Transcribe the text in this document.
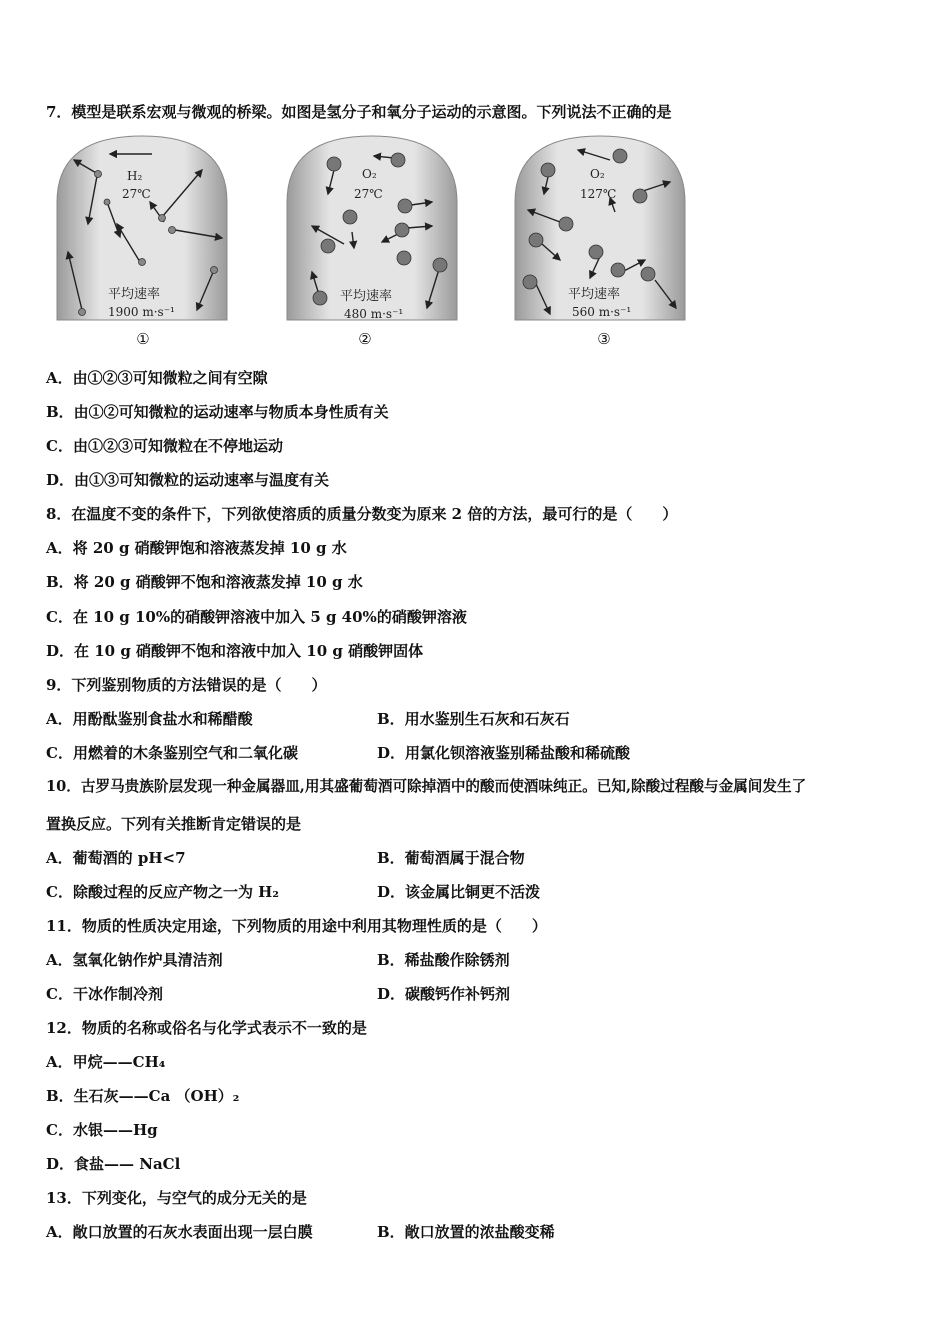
7．模型是联系宏观与微观的桥梁。如图是氢分子和氧分子运动的示意图。下列说法不正确的是
H₂
27℃
平均速率
1900 m·s⁻¹
①
O₂
27℃
平均速率
480 m·s⁻¹
②
O₂
127℃
平均速率
560 m·s⁻¹
③
A．由①②③可知微粒之间有空隙
B．由①②可知微粒的运动速率与物质本身性质有关
C．由①②③可知微粒在不停地运动
D．由①③可知微粒的运动速率与温度有关
8．在温度不变的条件下，下列欲使溶质的质量分数变为原来 2 倍的方法，最可行的是（　　）
A．将 20 g 硝酸钾饱和溶液蒸发掉 10 g 水
B．将 20 g 硝酸钾不饱和溶液蒸发掉 10 g 水
C．在 10 g 10%的硝酸钾溶液中加入 5 g 40%的硝酸钾溶液
D．在 10 g 硝酸钾不饱和溶液中加入 10 g 硝酸钾固体
9．下列鉴别物质的方法错误的是（　　）
A．用酚酞鉴别食盐水和稀醋酸	B．用水鉴别生石灰和石灰石
C．用燃着的木条鉴别空气和二氧化碳	D．用氯化钡溶液鉴别稀盐酸和稀硫酸
10．古罗马贵族阶层发现一种金属器皿,用其盛葡萄酒可除掉酒中的酸而使酒味纯正。已知,除酸过程酸与金属间发生了
置换反应。下列有关推断肯定错误的是
A．葡萄酒的 pH<7	B．葡萄酒属于混合物
C．除酸过程的反应产物之一为 H₂	D．该金属比铜更不活泼
11．物质的性质决定用途，下列物质的用途中利用其物理性质的是（　　）
A．氢氧化钠作炉具清洁剂	B．稀盐酸作除锈剂
C．干冰作制冷剂	D．碳酸钙作补钙剂
12．物质的名称或俗名与化学式表示不一致的是
A．甲烷——CH₄
B．生石灰——Ca （OH）₂
C．水银——Hg
D．食盐—— NaCl
13．下列变化，与空气的成分无关的是
A．敞口放置的石灰水表面出现一层白膜	B．敞口放置的浓盐酸变稀
